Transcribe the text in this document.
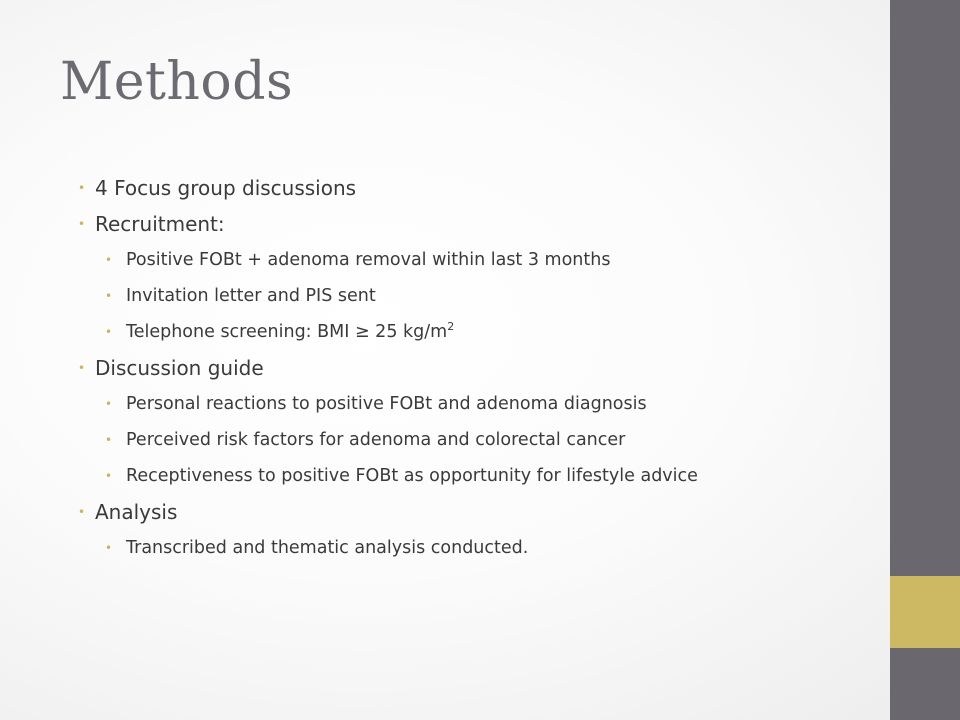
Methods
• 4 Focus group discussions
• Recruitment:
• Positive FOBt + adenoma removal within last 3 months
• Invitation letter and PIS sent
• Telephone screening: BMI ≥ 25 $kg/m^2$
• Discussion guide
• Personal reactions to positive FOBt and adenoma diagnosis
• Perceived risk factors for adenoma and colorectal cancer
• Receptiveness to positive FOBt as opportunity for lifestyle advice
• Analysis
• Transcribed and thematic analysis conducted.
